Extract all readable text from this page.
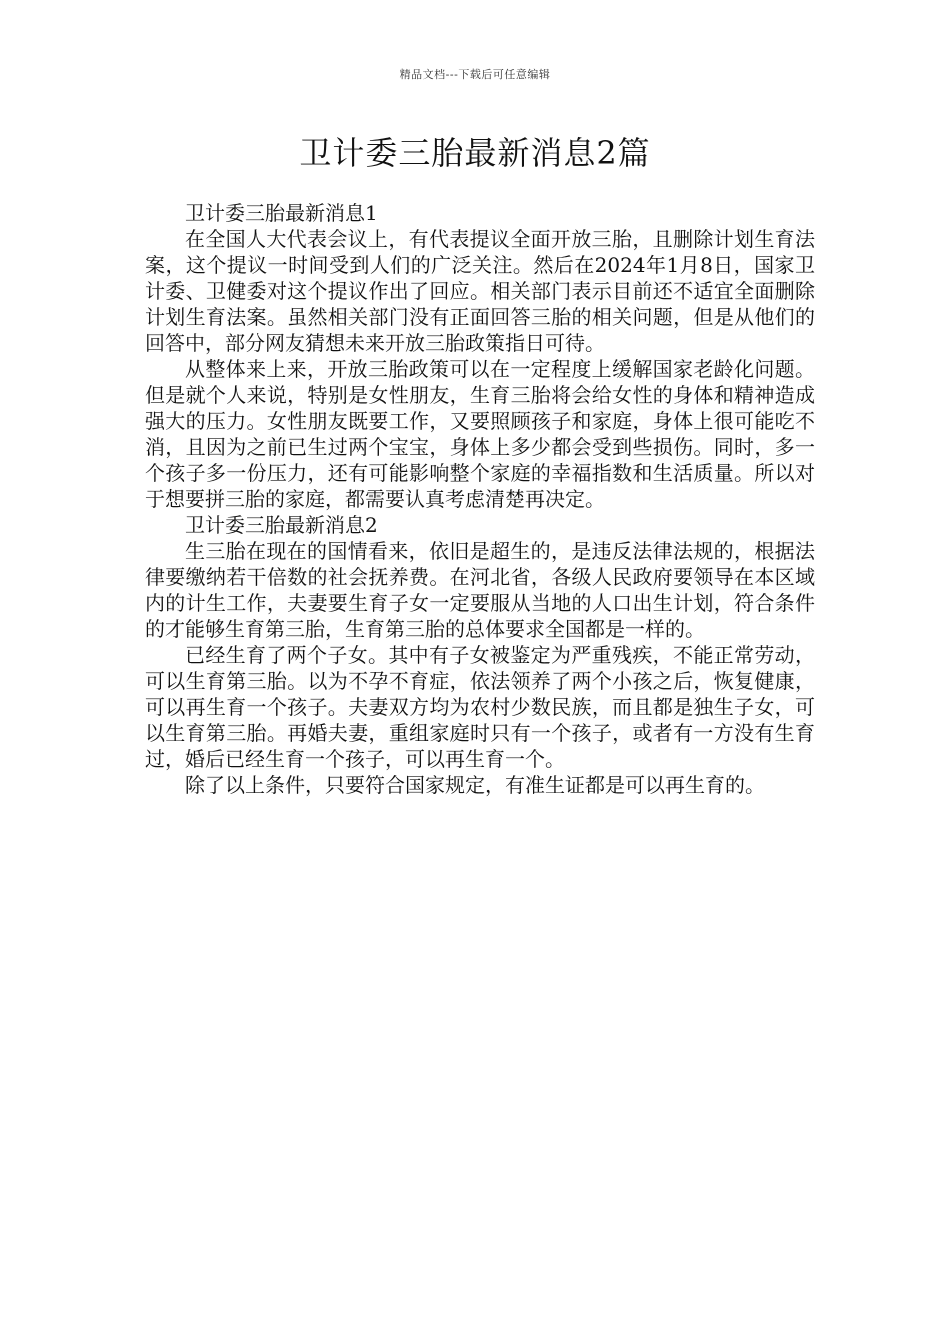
精品文档---下载后可任意编辑
卫计委三胎最新消息2篇

卫计委三胎最新消息1

在全国人大代表会议上，有代表提议全面开放三胎，且删除计划生育法案，这个提议一时间受到人们的广泛关注。然后在2024年1月8日，国家卫计委、卫健委对这个提议作出了回应。相关部门表示目前还不适宜全面删除计划生育法案。虽然相关部门没有正面回答三胎的相关问题，但是从他们的回答中，部分网友猜想未来开放三胎政策指日可待。

从整体来上来，开放三胎政策可以在一定程度上缓解国家老龄化问题。但是就个人来说，特别是女性朋友，生育三胎将会给女性的身体和精神造成强大的压力。女性朋友既要工作，又要照顾孩子和家庭，身体上很可能吃不消，且因为之前已生过两个宝宝，身体上多少都会受到些损伤。同时，多一个孩子多一份压力，还有可能影响整个家庭的幸福指数和生活质量。所以对于想要拼三胎的家庭，都需要认真考虑清楚再决定。

卫计委三胎最新消息2

生三胎在现在的国情看来，依旧是超生的，是违反法律法规的，根据法律要缴纳若干倍数的社会抚养费。在河北省，各级人民政府要领导在本区域内的计生工作，夫妻要生育子女一定要服从当地的人口出生计划，符合条件的才能够生育第三胎，生育第三胎的总体要求全国都是一样的。

已经生育了两个子女。其中有子女被鉴定为严重残疾，不能正常劳动，可以生育第三胎。以为不孕不育症，依法领养了两个小孩之后，恢复健康，可以再生育一个孩子。夫妻双方均为农村少数民族，而且都是独生子女，可以生育第三胎。再婚夫妻，重组家庭时只有一个孩子，或者有一方没有生育过，婚后已经生育一个孩子，可以再生育一个。

除了以上条件，只要符合国家规定，有准生证都是可以再生育的。
